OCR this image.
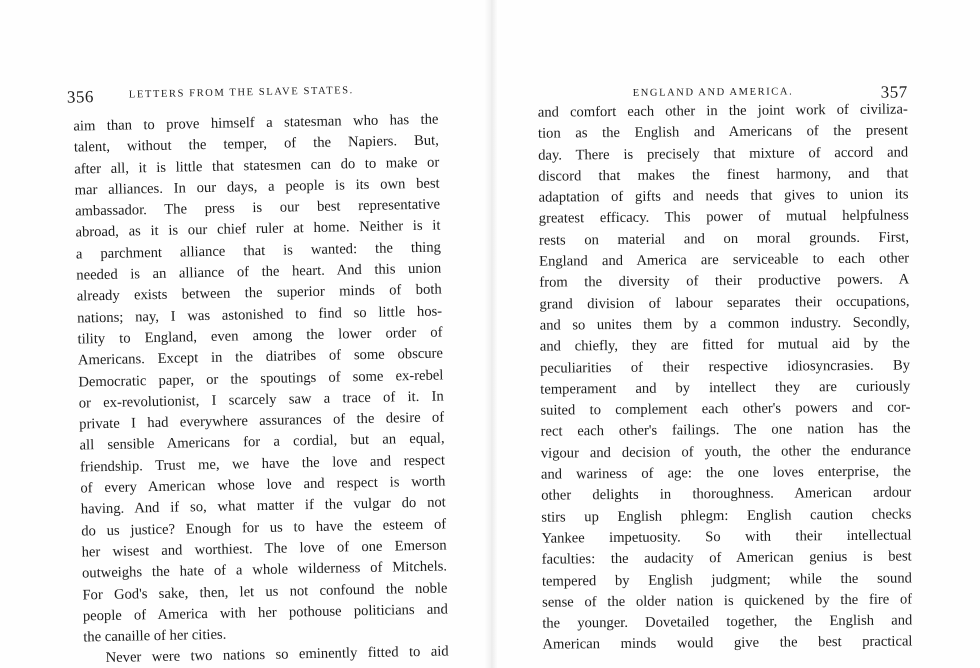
356	LETTERS FROM THE SLAVE STATES.
aim than to prove himself a statesman who has the
talent, without the temper, of the Napiers. But,
after all, it is little that statesmen can do to make or
mar alliances. In our days, a people is its own best
ambassador. The press is our best representative
abroad, as it is our chief ruler at home. Neither is it
a parchment alliance that is wanted: the thing
needed is an alliance of the heart. And this union
already exists between the superior minds of both
nations; nay, I was astonished to find so little hos-
tility to England, even among the lower order of
Americans. Except in the diatribes of some obscure
Democratic paper, or the spoutings of some ex-rebel
or ex-revolutionist, I scarcely saw a trace of it. In
private I had everywhere assurances of the desire of
all sensible Americans for a cordial, but an equal,
friendship. Trust me, we have the love and respect
of every American whose love and respect is worth
having. And if so, what matter if the vulgar do not
do us justice? Enough for us to have the esteem of
her wisest and worthiest. The love of one Emerson
outweighs the hate of a whole wilderness of Mitchels.
For God's sake, then, let us not confound the noble
people of America with her pothouse politicians and
the canaille of her cities.
Never were two nations so eminently fitted to aid
ENGLAND AND AMERICA.	357
and comfort each other in the joint work of civiliza-
tion as the English and Americans of the present
day. There is precisely that mixture of accord and
discord that makes the finest harmony, and that
adaptation of gifts and needs that gives to union its
greatest efficacy. This power of mutual helpfulness
rests on material and on moral grounds. First,
England and America are serviceable to each other
from the diversity of their productive powers. A
grand division of labour separates their occupations,
and so unites them by a common industry. Secondly,
and chiefly, they are fitted for mutual aid by the
peculiarities of their respective idiosyncrasies. By
temperament and by intellect they are curiously
suited to complement each other's powers and cor-
rect each other's failings. The one nation has the
vigour and decision of youth, the other the endurance
and wariness of age: the one loves enterprise, the
other delights in thoroughness. American ardour
stirs up English phlegm: English caution checks
Yankee impetuosity. So with their intellectual
faculties: the audacity of American genius is best
tempered by English judgment; while the sound
sense of the older nation is quickened by the fire of
the younger. Dovetailed together, the English and
American minds would give the best practical
